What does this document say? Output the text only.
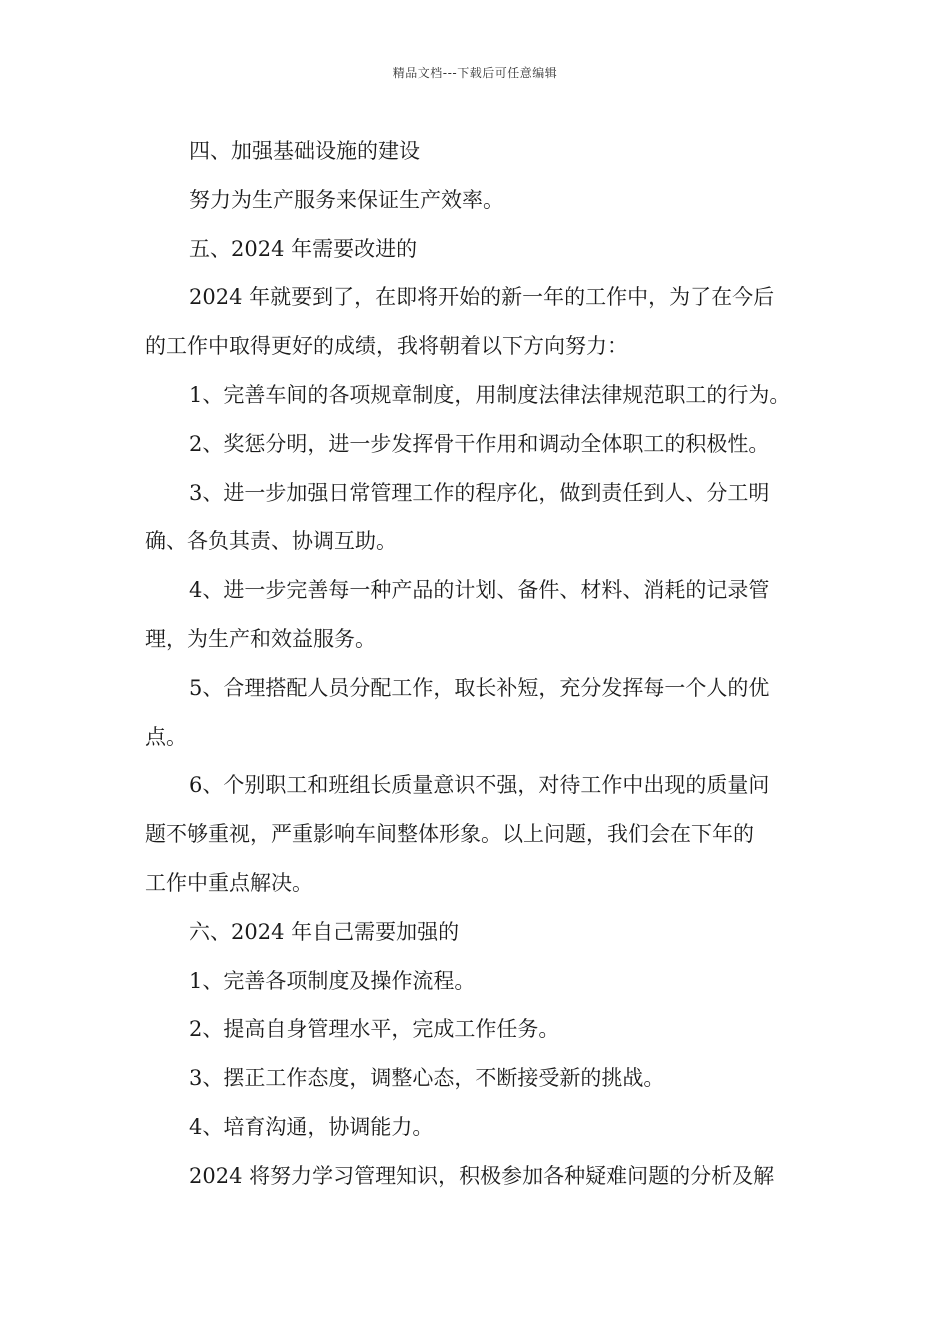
精品文档---下载后可任意编辑
四、加强基础设施的建设
努力为生产服务来保证生产效率。
五、2024 年需要改进的
2024 年就要到了，在即将开始的新一年的工作中，为了在今后
的工作中取得更好的成绩，我将朝着以下方向努力：
1、完善车间的各项规章制度，用制度法律法律规范职工的行为。
2、奖惩分明，进一步发挥骨干作用和调动全体职工的积极性。
3、进一步加强日常管理工作的程序化，做到责任到人、分工明
确、各负其责、协调互助。
4、进一步完善每一种产品的计划、备件、材料、消耗的记录管
理，为生产和效益服务。
5、合理搭配人员分配工作，取长补短，充分发挥每一个人的优
点。
6、个别职工和班组长质量意识不强，对待工作中出现的质量问
题不够重视，严重影响车间整体形象。以上问题，我们会在下年的
工作中重点解决。
六、2024 年自己需要加强的
1、完善各项制度及操作流程。
2、提高自身管理水平，完成工作任务。
3、摆正工作态度，调整心态，不断接受新的挑战。
4、培育沟通，协调能力。
2024 将努力学习管理知识，积极参加各种疑难问题的分析及解
